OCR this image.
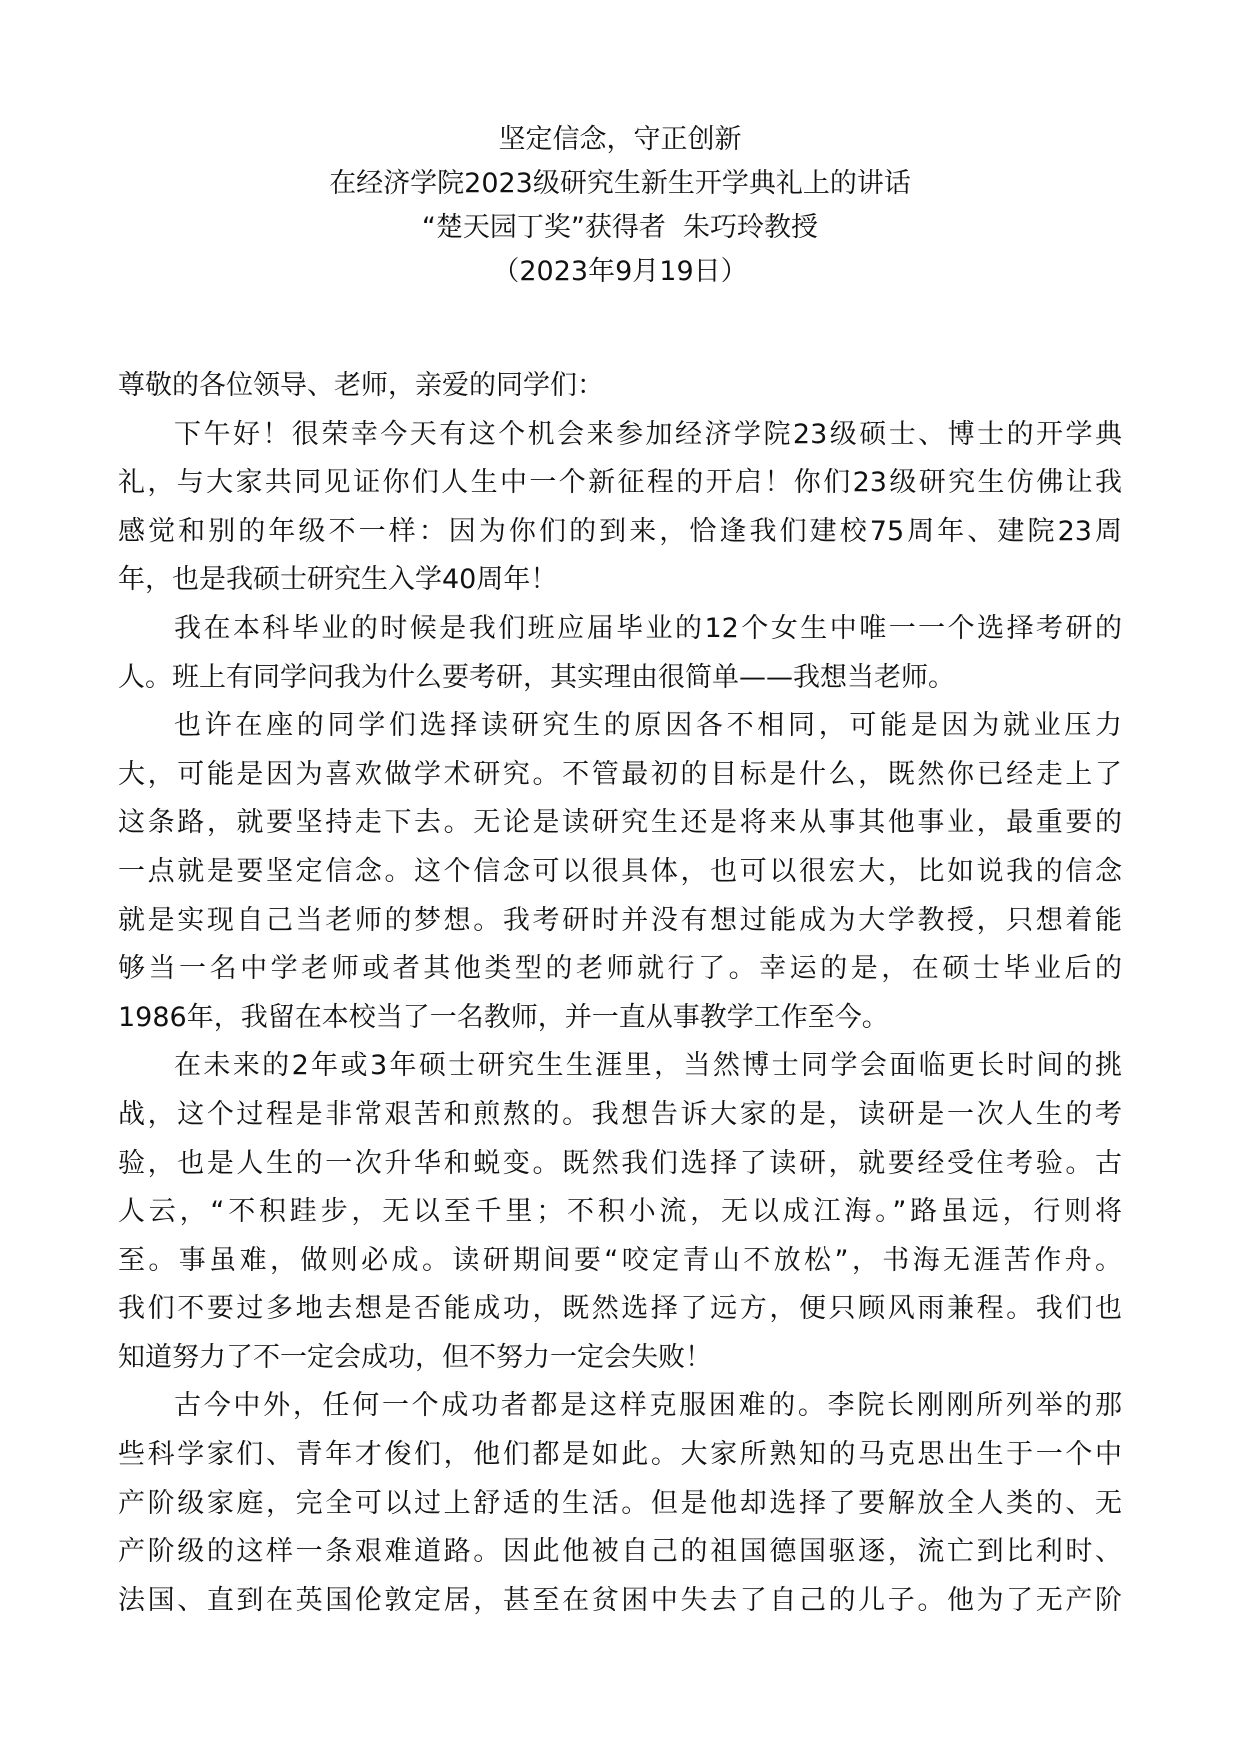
坚定信念，守正创新
在经济学院2023级研究生新生开学典礼上的讲话
“楚天园丁奖”获得者  朱巧玲教授
（2023年9月19日）
尊敬的各位领导、老师，亲爱的同学们：
下午好！很荣幸今天有这个机会来参加经济学院23级硕士、博士的开学典
礼，与大家共同见证你们人生中一个新征程的开启！你们23级研究生仿佛让我
感觉和别的年级不一样：因为你们的到来，恰逢我们建校75周年、建院23周
年，也是我硕士研究生入学40周年！
我在本科毕业的时候是我们班应届毕业的12个女生中唯一一个选择考研的
人。班上有同学问我为什么要考研，其实理由很简单——我想当老师。
也许在座的同学们选择读研究生的原因各不相同，可能是因为就业压力
大，可能是因为喜欢做学术研究。不管最初的目标是什么，既然你已经走上了
这条路，就要坚持走下去。无论是读研究生还是将来从事其他事业，最重要的
一点就是要坚定信念。这个信念可以很具体，也可以很宏大，比如说我的信念
就是实现自己当老师的梦想。我考研时并没有想过能成为大学教授，只想着能
够当一名中学老师或者其他类型的老师就行了。幸运的是，在硕士毕业后的
1986年，我留在本校当了一名教师，并一直从事教学工作至今。
在未来的2年或3年硕士研究生生涯里，当然博士同学会面临更长时间的挑
战，这个过程是非常艰苦和煎熬的。我想告诉大家的是，读研是一次人生的考
验，也是人生的一次升华和蜕变。既然我们选择了读研，就要经受住考验。古
人云，“不积跬步，无以至千里；不积小流，无以成江海。”路虽远，行则将
至。事虽难，做则必成。读研期间要“咬定青山不放松”，书海无涯苦作舟。
我们不要过多地去想是否能成功，既然选择了远方，便只顾风雨兼程。我们也
知道努力了不一定会成功，但不努力一定会失败！
古今中外，任何一个成功者都是这样克服困难的。李院长刚刚所列举的那
些科学家们、青年才俊们，他们都是如此。大家所熟知的马克思出生于一个中
产阶级家庭，完全可以过上舒适的生活。但是他却选择了要解放全人类的、无
产阶级的这样一条艰难道路。因此他被自己的祖国德国驱逐，流亡到比利时、
法国、直到在英国伦敦定居，甚至在贫困中失去了自己的儿子。他为了无产阶
